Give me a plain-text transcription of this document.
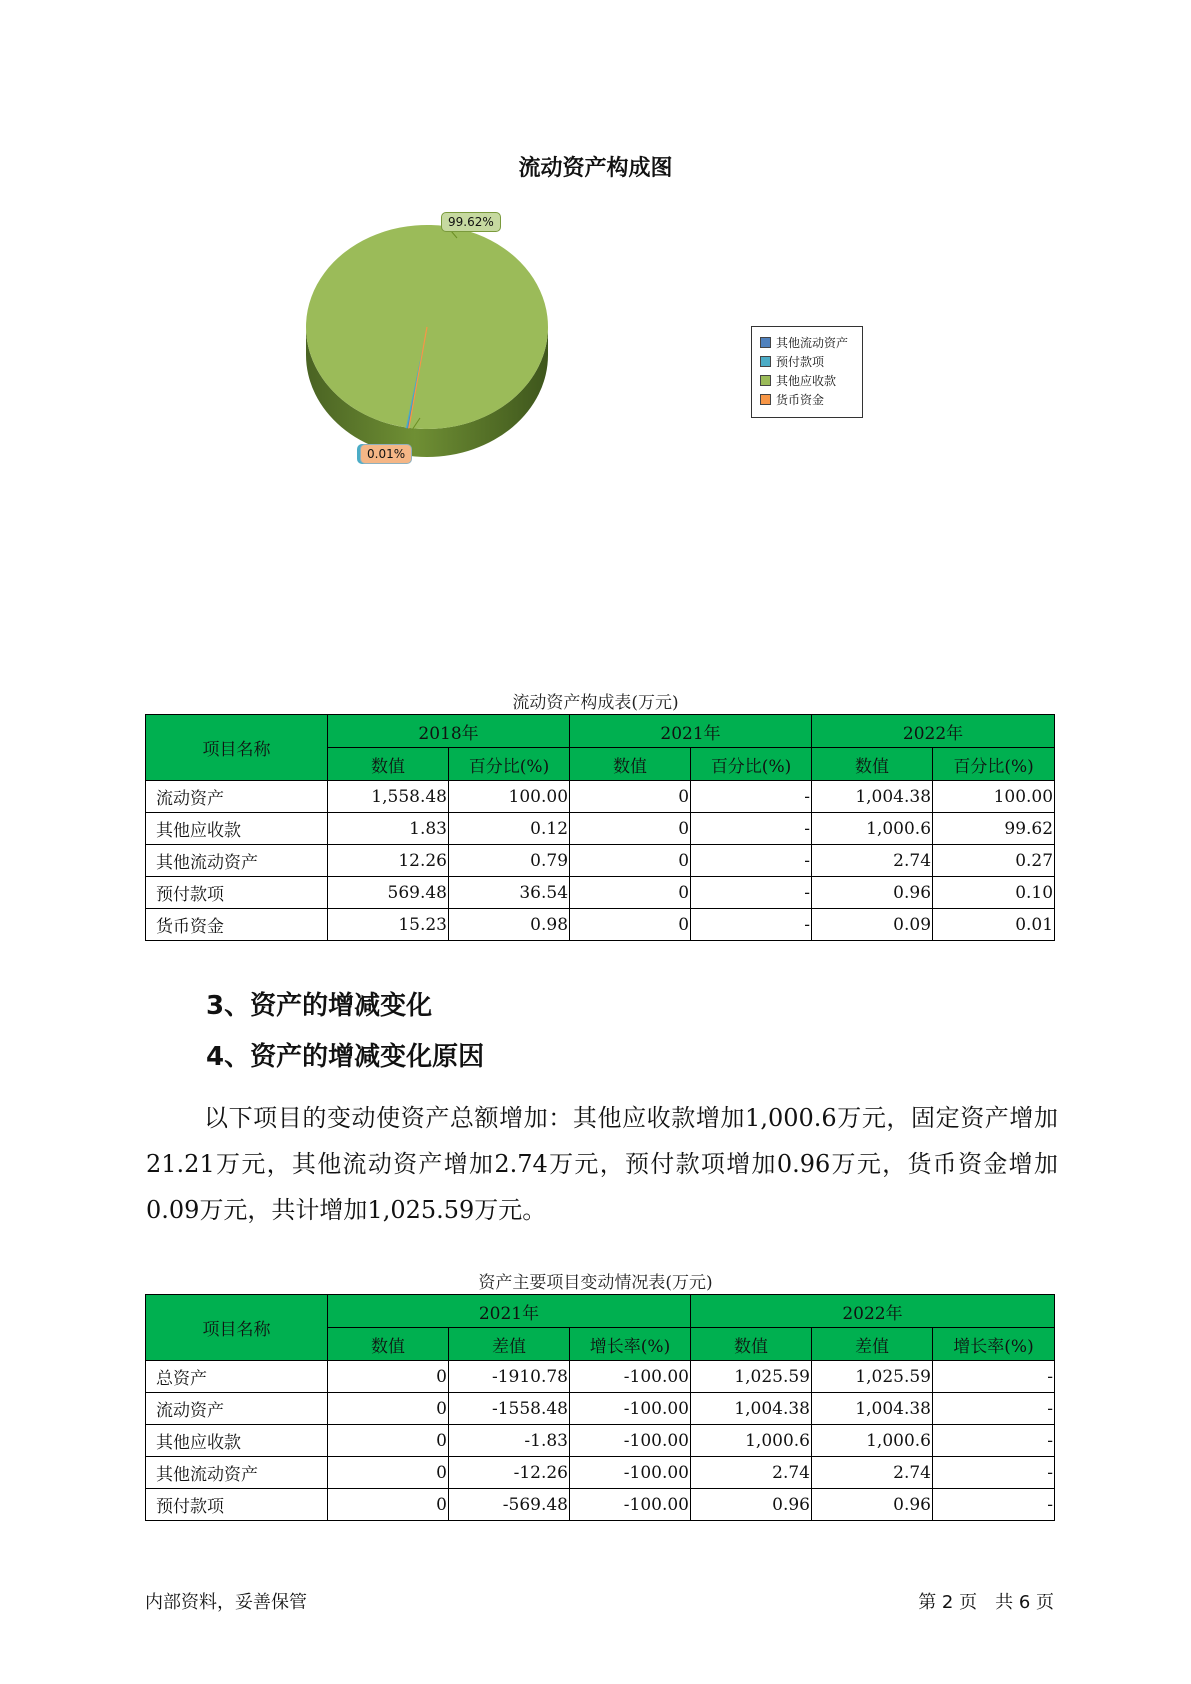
流动资产构成图
99.62%
0.01%
其他流动资产
预付款项
其他应收款
货币资金
流动资产构成表(万元)
项目名称	2018年		2021年		2022年	
	数值	百分比(%)	数值	百分比(%)	数值	百分比(%)
流动资产	1,558.48	100.00	0	-	1,004.38	100.00
其他应收款	1.83	0.12	0	-	1,000.6	99.62
其他流动资产	12.26	0.79	0	-	2.74	0.27
预付款项	569.48	36.54	0	-	0.96	0.10
货币资金	15.23	0.98	0	-	0.09	0.01
3、资产的增减变化
4、资产的增减变化原因
以下项目的变动使资产总额增加：其他应收款增加1,000.6万元，固定资产增加21.21万元，其他流动资产增加2.74万元，预付款项增加0.96万元，货币资金增加0.09万元，共计增加1,025.59万元。
资产主要项目变动情况表(万元)
项目名称	2021年			2022年		
	数值	差值	增长率(%)	数值	差值	增长率(%)
总资产	0	-1910.78	-100.00	1,025.59	1,025.59	-
流动资产	0	-1558.48	-100.00	1,004.38	1,004.38	-
其他应收款	0	-1.83	-100.00	1,000.6	1,000.6	-
其他流动资产	0	-12.26	-100.00	2.74	2.74	-
预付款项	0	-569.48	-100.00	0.96	0.96	-
内部资料，妥善保管	第 2 页　共 6 页
